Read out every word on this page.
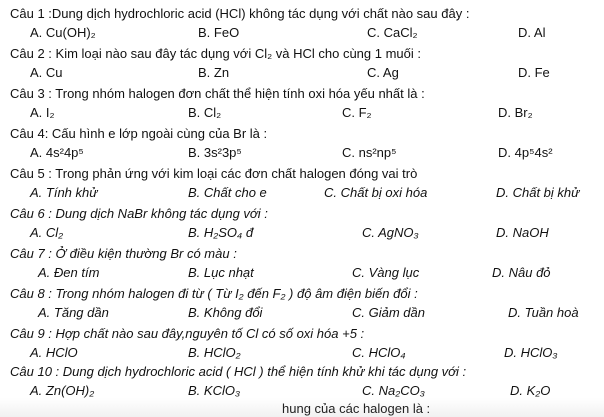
hung của các halogen là :
Câu 1 :Dung dịch hydrochloric acid (HCl) không tác dụng với chất nào sau đây :
A. Cu(OH)₂	B. FeO	C. CaCl₂	D. Al
Câu 2 : Kim loại nào sau đây tác dụng với Cl₂ và HCl cho cùng 1 muối :
A. Cu	B. Zn	C. Ag	D. Fe
Câu 3 : Trong nhóm halogen đơn chất thể hiện tính oxi hóa yếu nhất là :
A. I₂	B. Cl₂	C. F₂	D. Br₂
Câu 4: Cấu hình e lớp ngoài cùng của Br là :
A. 4s²4p⁵	B. 3s²3p⁵	C. ns²np⁵	D. 4p⁵4s²
Câu 5 : Trong phản ứng với kim loại các đơn chất halogen đóng vai trò
A. Tính khử	B. Chất cho e	C. Chất bị oxi hóa	D. Chất bị khử
Câu 6 : Dung dịch NaBr không tác dụng với :
A. Cl₂	B. H₂SO₄ đ	C. AgNO₃	D. NaOH
Câu 7 : Ở điều kiện thường Br có màu :
A. Đen tím	B. Lục nhạt	C. Vàng lục	D. Nâu đỏ
Câu 8 : Trong nhóm halogen đi từ ( Từ I₂ đến F₂ ) độ âm điện biến đổi :
A. Tăng dần	B. Không đổi	C. Giảm dần	D. Tuần hoà
Câu 9 : Hợp chất nào sau đây,nguyên tố Cl có số oxi hóa +5 :
A. HClO	B. HClO₂	C. HClO₄	D. HClO₃
Câu 10 : Dung dịch hydrochloric acid ( HCl ) thể hiện tính khử khi tác dụng với :
A. Zn(OH)₂	B. KClO₃	C. Na₂CO₃	D. K₂O
